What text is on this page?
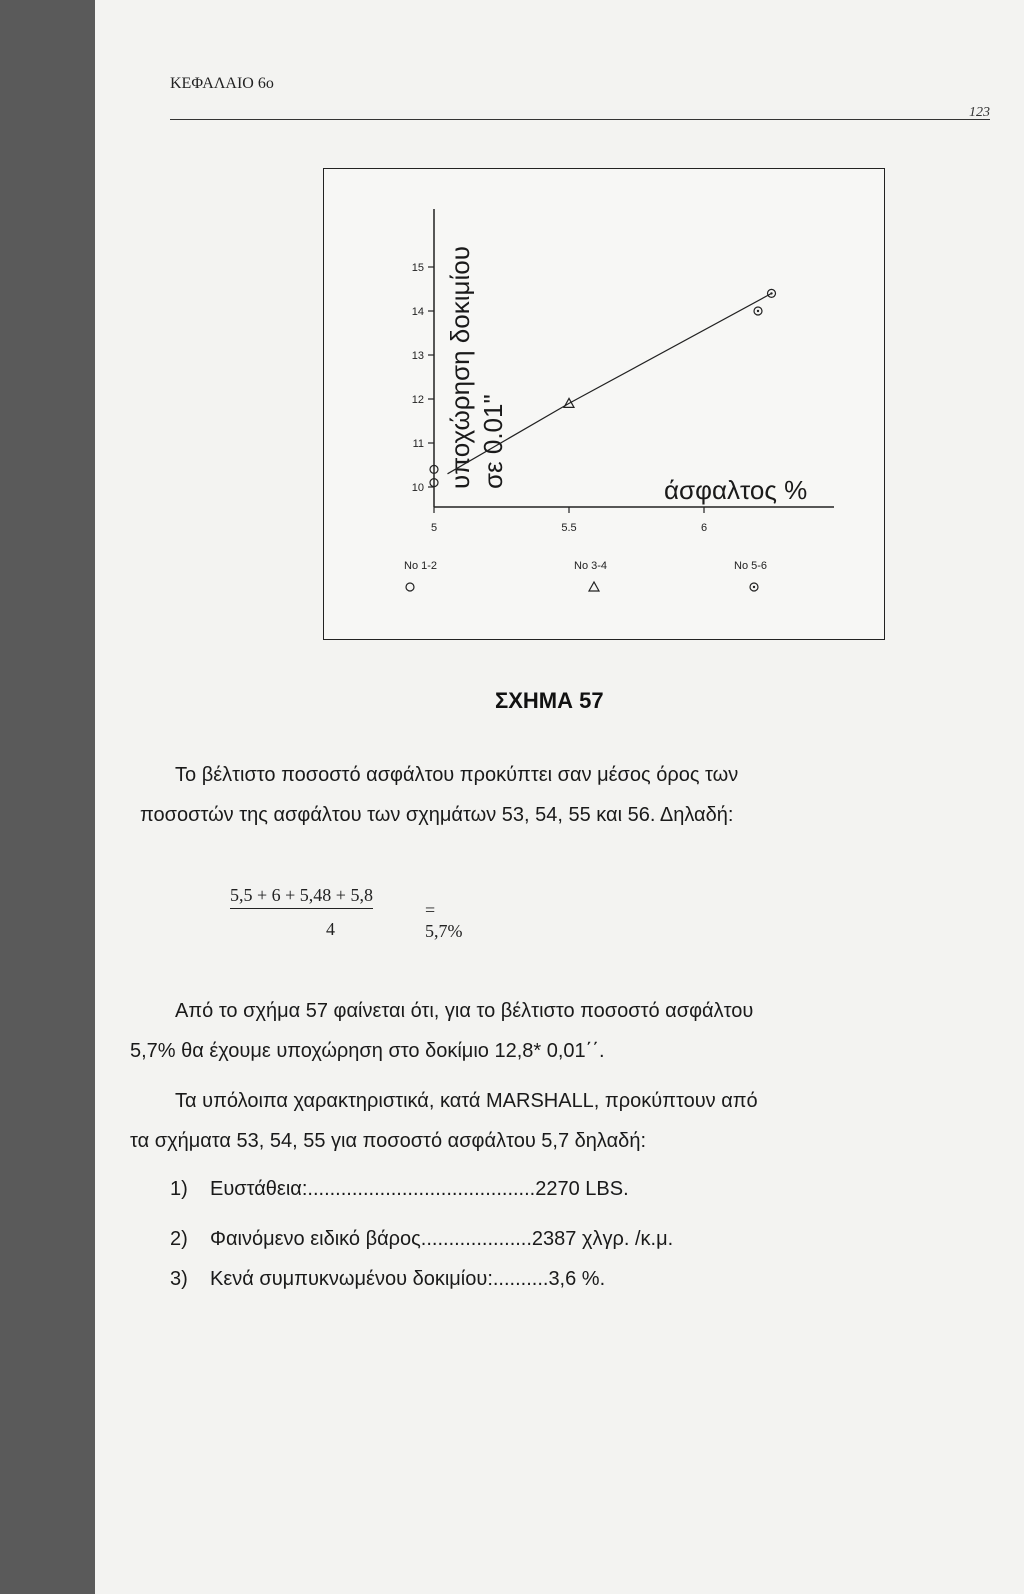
ΚΕΦΑΛΑΙΟ 6ο
123
10
11
12
13
14
15
5	5.5	6
υποχώρηση δοκιμίου σε 0.01"
άσφαλτος %
No 1-2	No 3-4	No 5-6
ΣΧΗΜΑ 57
Το βέλτιστο ποσοστό ασφάλτου προκύπτει σαν μέσος όρος των
ποσοστών της ασφάλτου των σχημάτων 53, 54, 55 και 56. Δηλαδή:
5,5 + 6 + 5,48 + 5,8
4
= 5,7%
Από το σχήμα 57 φαίνεται ότι, για το βέλτιστο ποσοστό ασφάλτου
5,7% θα έχουμε υποχώρηση στο δοκίμιο 12,8* 0,01΄΄.
Τα υπόλοιπα χαρακτηριστικά, κατά MARSHALL, προκύπτουν από
τα σχήματα 53, 54, 55 για ποσοστό ασφάλτου 5,7 δηλαδή:
1) Ευστάθεια:.........................................2270 LBS.
2) Φαινόμενο ειδικό βάρος....................2387 χλγρ. /κ.μ.
3) Κενά συμπυκνωμένου δοκιμίου:..........3,6 %.
